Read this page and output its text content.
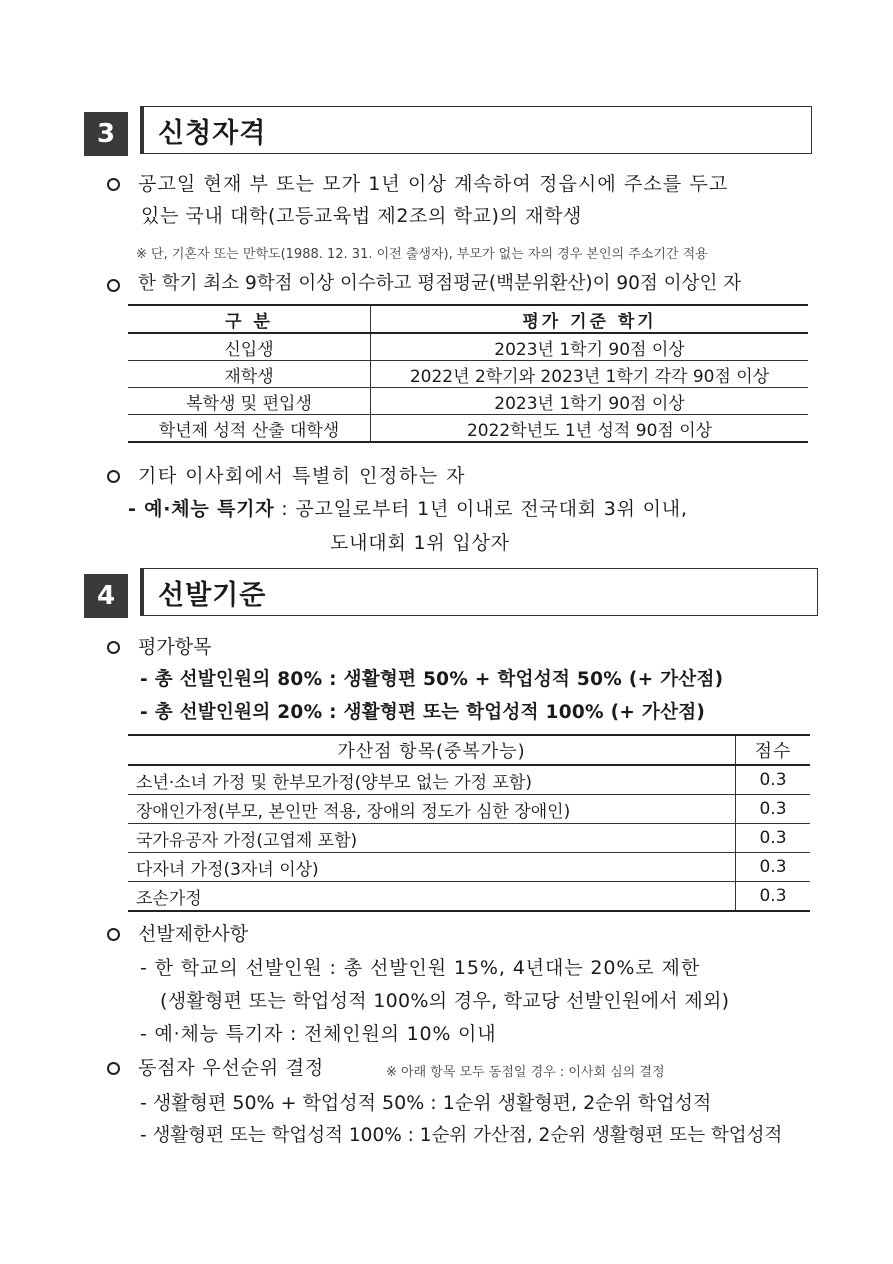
3	신청자격
공고일 현재 부 또는 모가 1년 이상 계속하여 정읍시에 주소를 두고
있는 국내 대학(고등교육법 제2조의 학교)의 재학생
※ 단, 기혼자 또는 만학도(1988. 12. 31. 이전 출생자), 부모가 없는 자의 경우 본인의 주소기간 적용
한 학기 최소 9학점 이상 이수하고 평점평균(백분위환산)이 90점 이상인 자
구 분	평가 기준 학기
신입생	2023년 1학기 90점 이상
재학생	2022년 2학기와 2023년 1학기 각각 90점 이상
복학생 및 편입생	2023년 1학기 90점 이상
학년제 성적 산출 대학생	2022학년도 1년 성적 90점 이상
기타 이사회에서 특별히 인정하는 자
- 예·체능 특기자 : 공고일로부터 1년 이내로 전국대회 3위 이내,
도내대회 1위 입상자
4	선발기준
평가항목
- 총 선발인원의 80% : 생활형편 50% + 학업성적 50% (+ 가산점)
- 총 선발인원의 20% : 생활형편 또는 학업성적 100% (+ 가산점)
가산점 항목(중복가능)	점수
소년·소녀 가정 및 한부모가정(양부모 없는 가정 포함)	0.3
장애인가정(부모, 본인만 적용, 장애의 정도가 심한 장애인)	0.3
국가유공자 가정(고엽제 포함)	0.3
다자녀 가정(3자녀 이상)	0.3
조손가정	0.3
선발제한사항
- 한 학교의 선발인원 : 총 선발인원 15%, 4년대는 20%로 제한
(생활형편 또는 학업성적 100%의 경우, 학교당 선발인원에서 제외)
- 예·체능 특기자 : 전체인원의 10% 이내
동점자 우선순위 결정	※ 아래 항목 모두 동점일 경우 : 이사회 심의 결정
- 생활형편 50% + 학업성적 50% : 1순위 생활형편, 2순위 학업성적
- 생활형편 또는 학업성적 100% : 1순위 가산점, 2순위 생활형편 또는 학업성적
